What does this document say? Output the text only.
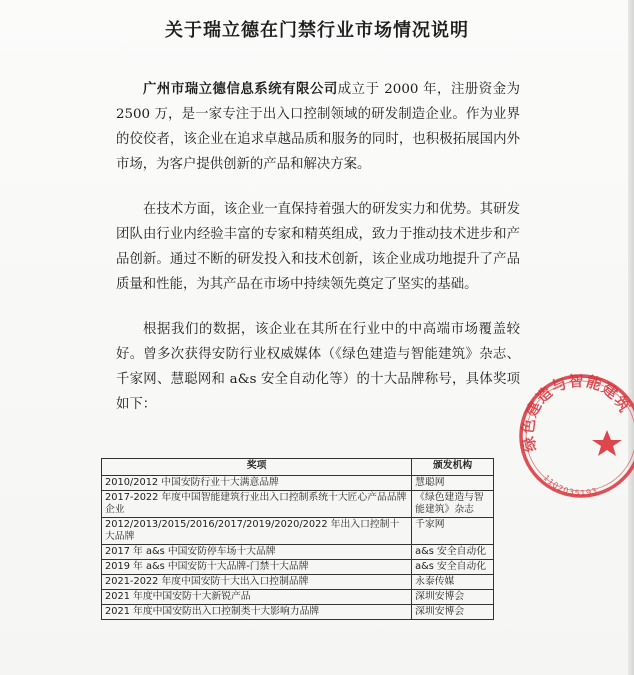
关于瑞立德在门禁行业市场情况说明

广州市瑞立德信息系统有限公司成立于 2000 年，注册资金为 2500 万，是一家专注于出入口控制领域的研发制造企业。作为业界的佼佼者，该企业在追求卓越品质和服务的同时，也积极拓展国内外市场，为客户提供创新的产品和解决方案。

在技术方面，该企业一直保持着强大的研发实力和优势。其研发团队由行业内经验丰富的专家和精英组成，致力于推动技术进步和产品创新。通过不断的研发投入和技术创新，该企业成功地提升了产品质量和性能，为其产品在市场中持续领先奠定了坚实的基础。

根据我们的数据，该企业在其所在行业中的中高端市场覆盖较好。曾多次获得安防行业权威媒体（《绿色建造与智能建筑》杂志、千家网、慧聪网和 a&s 安全自动化等）的十大品牌称号，具体奖项如下：

奖项	颁发机构
2010/2012 中国安防行业十大满意品牌	慧聪网
2017-2022 年度中国智能建筑行业出入口控制系统十大匠心产品品牌企业	《绿色建造与智能建筑》杂志
2012/2013/2015/2016/2017/2019/2020/2022 年出入口控制十大品牌	千家网
2017 年 a&s 中国安防停车场十大品牌	a&s 安全自动化
2019 年 a&s 中国安防十大品牌-门禁十大品牌	a&s 安全自动化
2021-2022 年度中国安防十大出入口控制品牌	永泰传媒
2021 年度中国安防十大新锐产品	深圳安博会
2021 年度中国安防出入口控制类十大影响力品牌	深圳安博会
绿色建造与智能建筑
1102035193
